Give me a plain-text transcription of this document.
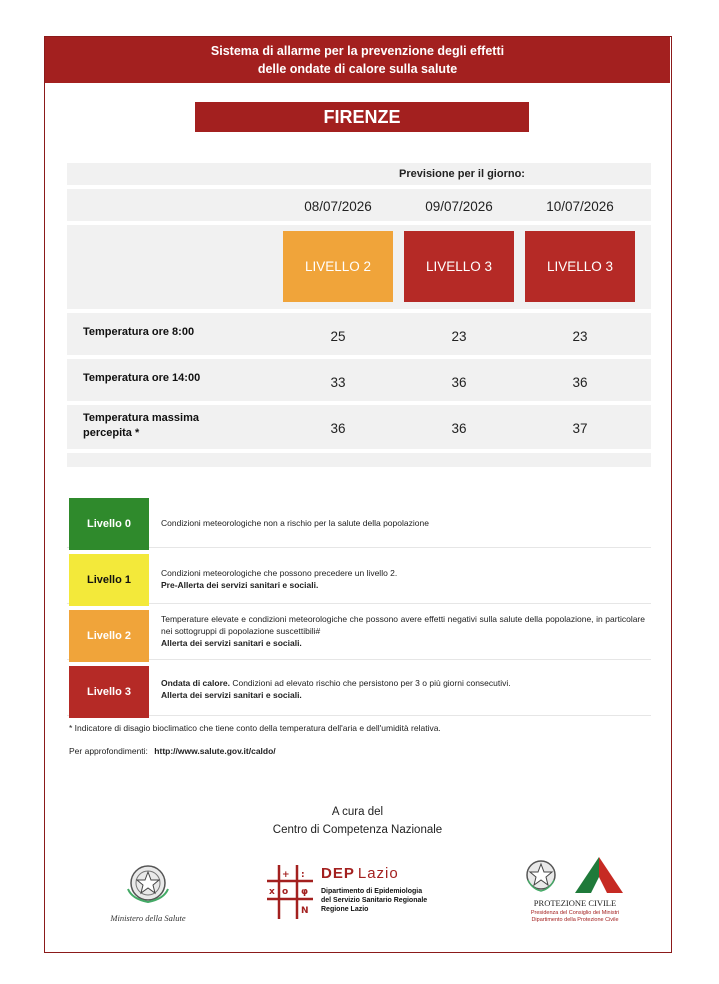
Sistema di allarme per la prevenzione degli effetti
delle ondate di calore sulla salute
FIRENZE
Previsione per il giorno:
08/07/2026	09/07/2026	10/07/2026
LIVELLO 2	LIVELLO 3	LIVELLO 3
Temperatura ore 8:00	25	23	23
Temperatura ore 14:00	33	36	36
Temperatura massima
percepita *	36	36	37
Livello 0	Condizioni meteorologiche non a rischio per la salute della popolazione
Livello 1
Condizioni meteorologiche che possono precedere un livello 2.
Pre-Allerta dei servizi sanitari e sociali.
Livello 2
Temperature elevate e condizioni meteorologiche che possono avere effetti negativi sulla salute della popolazione, in particolare nei sottogruppi di popolazione suscettibili#
Allerta dei servizi sanitari e sociali.
Livello 3
Ondata di calore. Condizioni ad elevato rischio che persistono per 3 o più giorni consecutivi.
Allerta dei servizi sanitari e sociali.
* Indicatore di disagio bioclimatico che tiene conto della temperatura dell'aria e dell'umidità relativa.
Per approfondimenti: http://www.salute.gov.it/caldo/
A cura del
Centro di Competenza Nazionale
Ministero della Salute
+ :
o φ
x
N
DEP Lazio
Dipartimento di Epidemiologia
del Servizio Sanitario Regionale
Regione Lazio
PROTEZIONE CIVILE
Presidenza del Consiglio dei Ministri
Dipartimento della Protezione Civile
